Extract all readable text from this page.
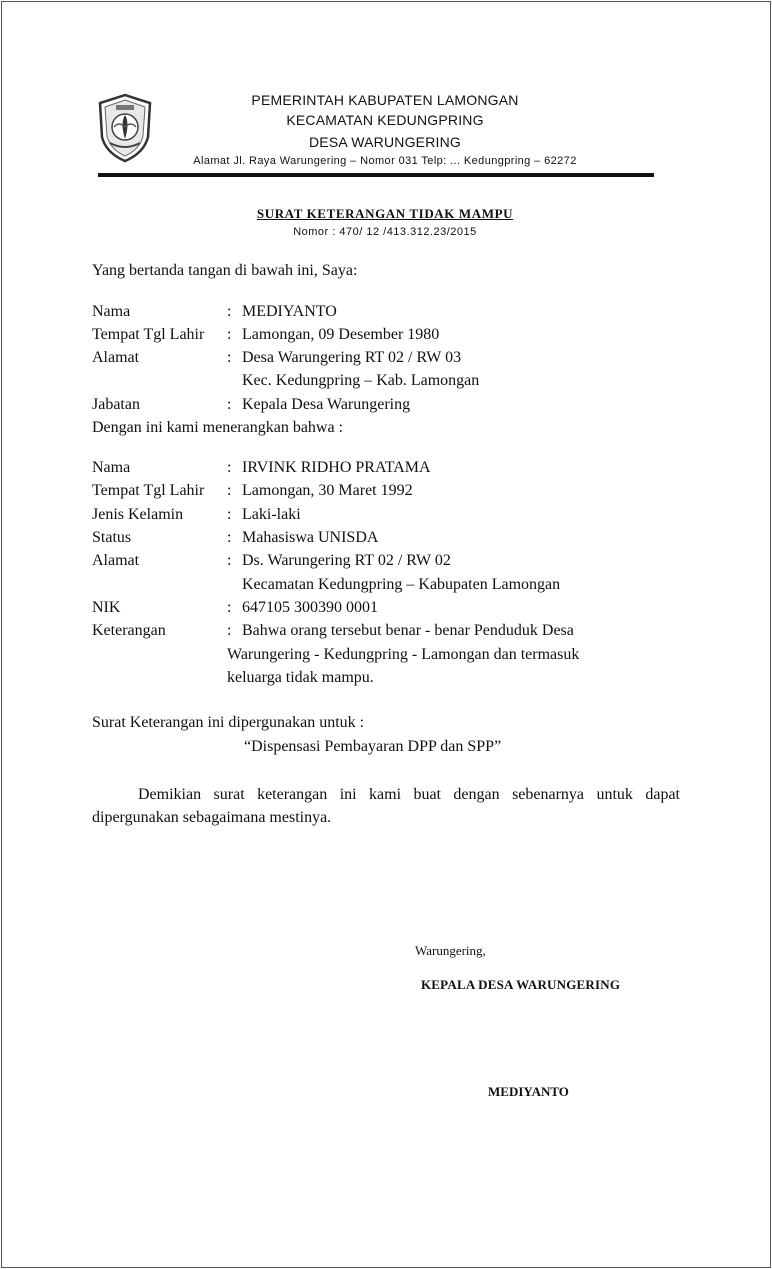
PEMERINTAH KABUPATEN LAMONGAN
KECAMATAN KEDUNGPRING
DESA WARUNGERING
Alamat Jl. Raya Warungering – Nomor 031 Telp: ... Kedungpring – 62272
SURAT KETERANGAN TIDAK MAMPU
Nomor : 470/ 12 /413.312.23/2015
Yang bertanda tangan di bawah ini, Saya:
Nama	: MEDIYANTO
Tempat Tgl Lahir : Lamongan, 09 Desember 1980
Alamat	: Desa Warungering RT 02 / RW 03
Kec. Kedungpring – Kab. Lamongan
Jabatan	: Kepala Desa Warungering
Dengan ini kami menerangkan bahwa :
Nama	: IRVINK RIDHO PRATAMA
Tempat Tgl Lahir : Lamongan, 30 Maret 1992
Jenis Kelamin	: Laki-laki
Status	: Mahasiswa UNISDA
Alamat	: Ds. Warungering RT 02 / RW 02
Kecamatan Kedungpring – Kabupaten Lamongan
NIK	: 647105 300390 0001
Keterangan	: Bahwa orang tersebut benar - benar Penduduk Desa
Warungering - Kedungpring - Lamongan dan termasuk
keluarga tidak mampu.
Surat Keterangan ini dipergunakan untuk :
“Dispensasi Pembayaran DPP dan SPP”
Demikian surat keterangan ini kami buat dengan sebenarnya untuk dapat
dipergunakan sebagaimana mestinya.
Warungering,
KEPALA DESA WARUNGERING
MEDIYANTO
